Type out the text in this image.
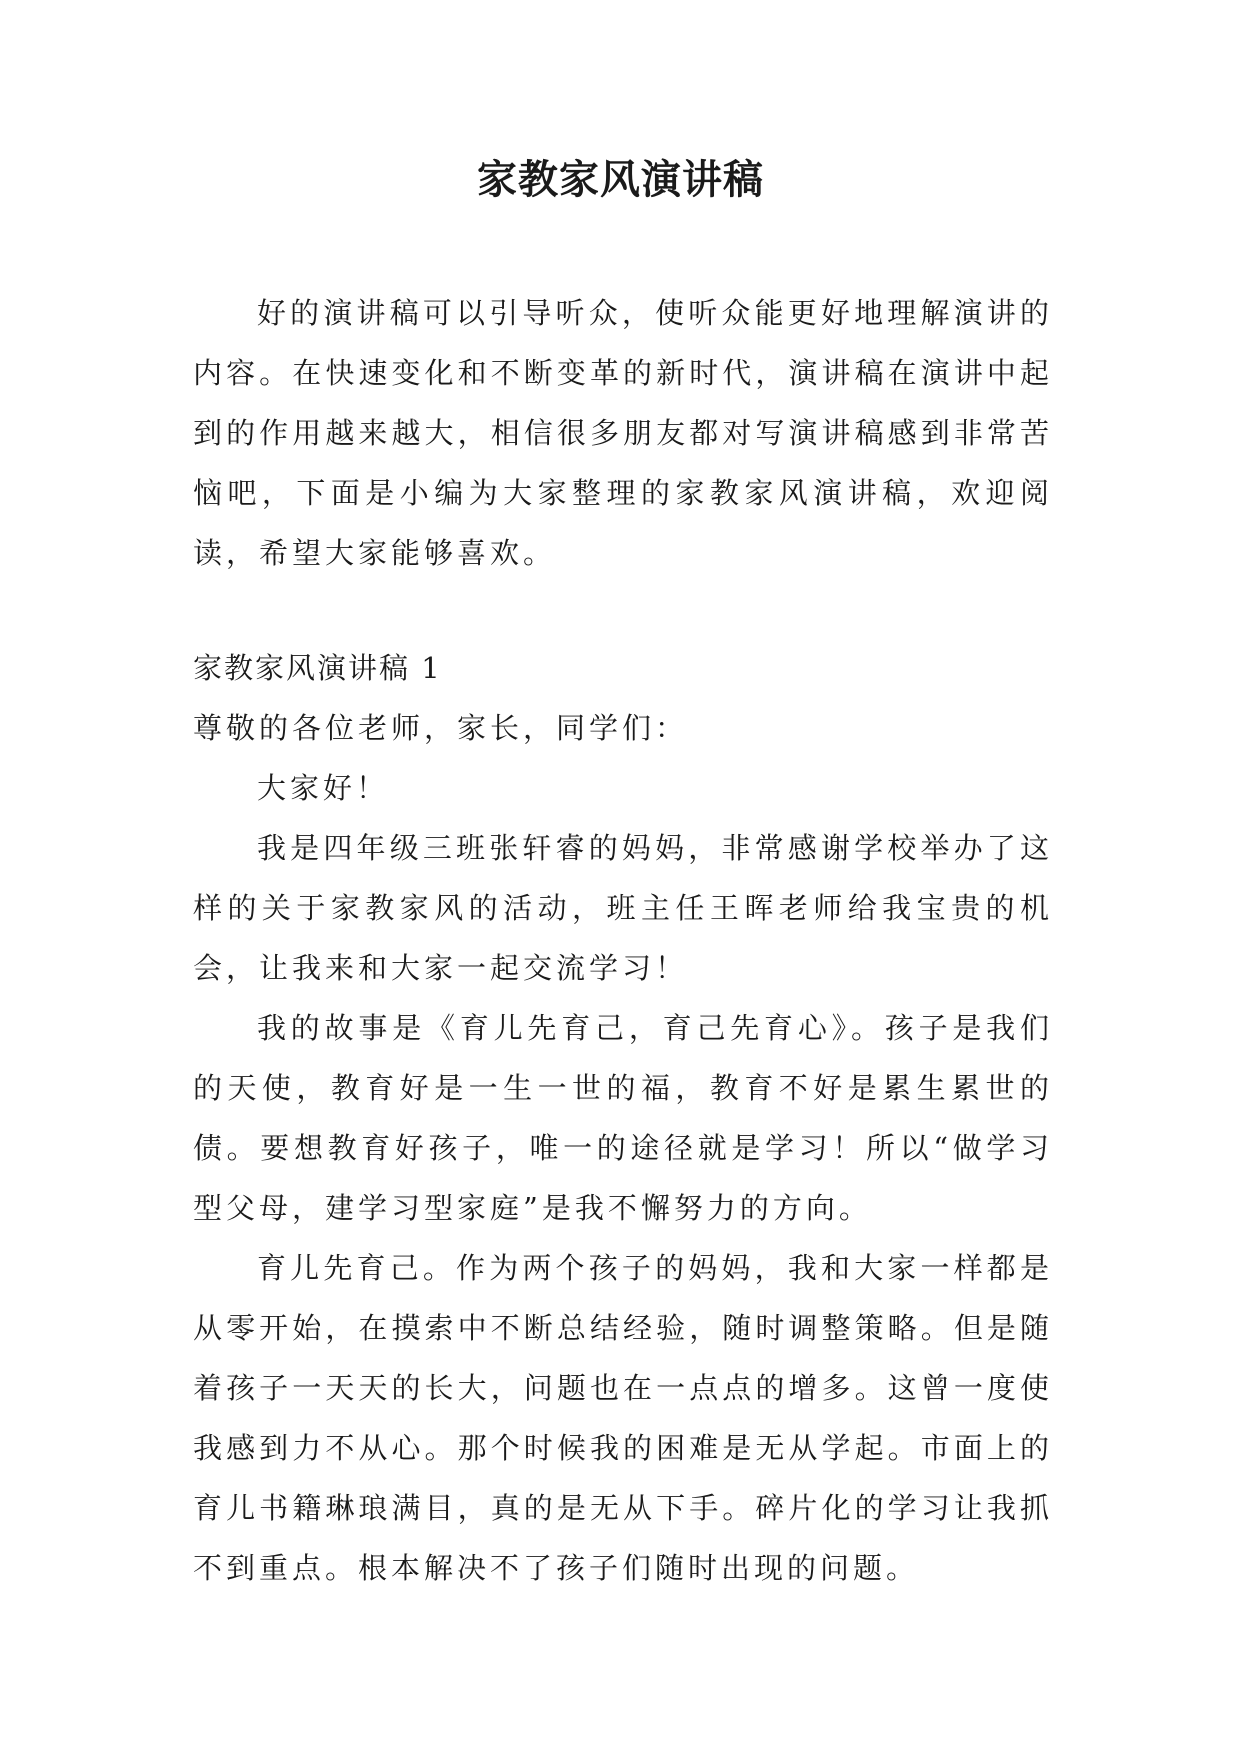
家教家风演讲稿

好的演讲稿可以引导听众，使听众能更好地理解演讲的内容。在快速变化和不断变革的新时代，演讲稿在演讲中起到的作用越来越大，相信很多朋友都对写演讲稿感到非常苦恼吧，下面是小编为大家整理的家教家风演讲稿，欢迎阅读，希望大家能够喜欢。

家教家风演讲稿 1

尊敬的各位老师，家长，同学们：

大家好！

我是四年级三班张轩睿的妈妈，非常感谢学校举办了这样的关于家教家风的活动，班主任王晖老师给我宝贵的机会，让我来和大家一起交流学习！

我的故事是《育儿先育己，育己先育心》。孩子是我们的天使，教育好是一生一世的福，教育不好是累生累世的债。要想教育好孩子，唯一的途径就是学习！所以“做学习型父母，建学习型家庭”是我不懈努力的方向。

育儿先育己。作为两个孩子的妈妈，我和大家一样都是从零开始，在摸索中不断总结经验，随时调整策略。但是随着孩子一天天的长大，问题也在一点点的增多。这曾一度使我感到力不从心。那个时候我的困难是无从学起。市面上的育儿书籍琳琅满目，真的是无从下手。碎片化的学习让我抓不到重点。根本解决不了孩子们随时出现的问题。
